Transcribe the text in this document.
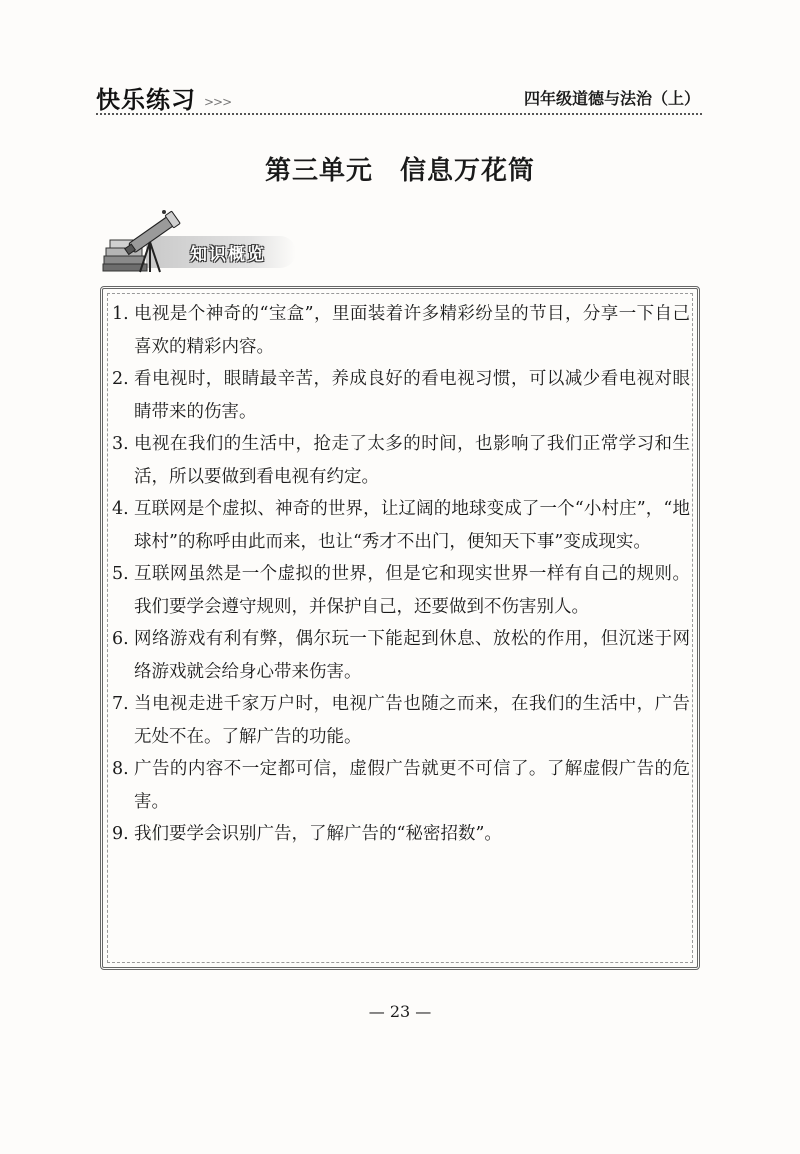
快乐练习 >>>	四年级道德与法治（上）
第三单元　信息万花筒
知识概览
1. 电视是个神奇的“宝盒”，里面装着许多精彩纷呈的节目，分享一下自己喜欢的精彩内容。
2. 看电视时，眼睛最辛苦，养成良好的看电视习惯，可以减少看电视对眼睛带来的伤害。
3. 电视在我们的生活中，抢走了太多的时间，也影响了我们正常学习和生活，所以要做到看电视有约定。
4. 互联网是个虚拟、神奇的世界，让辽阔的地球变成了一个“小村庄”，“地球村”的称呼由此而来，也让“秀才不出门，便知天下事”变成现实。
5. 互联网虽然是一个虚拟的世界，但是它和现实世界一样有自己的规则。我们要学会遵守规则，并保护自己，还要做到不伤害别人。
6. 网络游戏有利有弊，偶尔玩一下能起到休息、放松的作用，但沉迷于网络游戏就会给身心带来伤害。
7. 当电视走进千家万户时，电视广告也随之而来，在我们的生活中，广告无处不在。了解广告的功能。
8. 广告的内容不一定都可信，虚假广告就更不可信了。了解虚假广告的危害。
9. 我们要学会识别广告，了解广告的“秘密招数”。
— 23 —
